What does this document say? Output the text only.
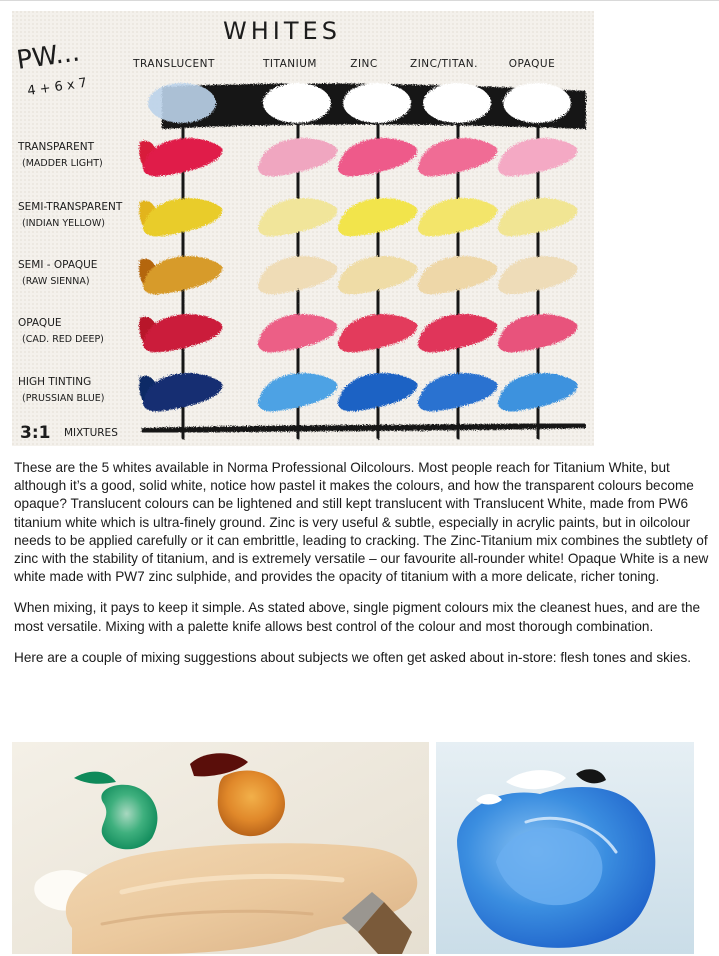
WHITES
PW...
4 + 6 x 7
TRANSLUCENT	TITANIUM	ZINC	ZINC/TITAN.	OPAQUE
TRANSPARENT
(MADDER LIGHT)
SEMI-TRANSPARENT
(INDIAN YELLOW)
SEMI - OPAQUE
(RAW SIENNA)
OPAQUE
(CAD. RED DEEP)
HIGH TINTING
(PRUSSIAN BLUE)
3:1 MIXTURES

These are the 5 whites available in Norma Professional Oilcolours. Most people reach for Titanium White, but although it’s a good, solid white, notice how pastel it makes the colours, and how the transparent colours become opaque? Translucent colours can be lightened and still kept translucent with Translucent White, made from PW6 titanium white which is ultra-finely ground. Zinc is very useful & subtle, especially in acrylic paints, but in oilcolour needs to be applied carefully or it can embrittle, leading to cracking. The Zinc-Titanium mix combines the subtlety of zinc with the stability of titanium, and is extremely versatile – our favourite all-rounder white! Opaque White is a new white made with PW7 zinc sulphide, and provides the opacity of titanium with a more delicate, richer toning.

When mixing, it pays to keep it simple. As stated above, single pigment colours mix the cleanest hues, and are the most versatile. Mixing with a palette knife allows best control of the colour and most thorough combination.

Here are a couple of mixing suggestions about subjects we often get asked about in-store: flesh tones and skies.
